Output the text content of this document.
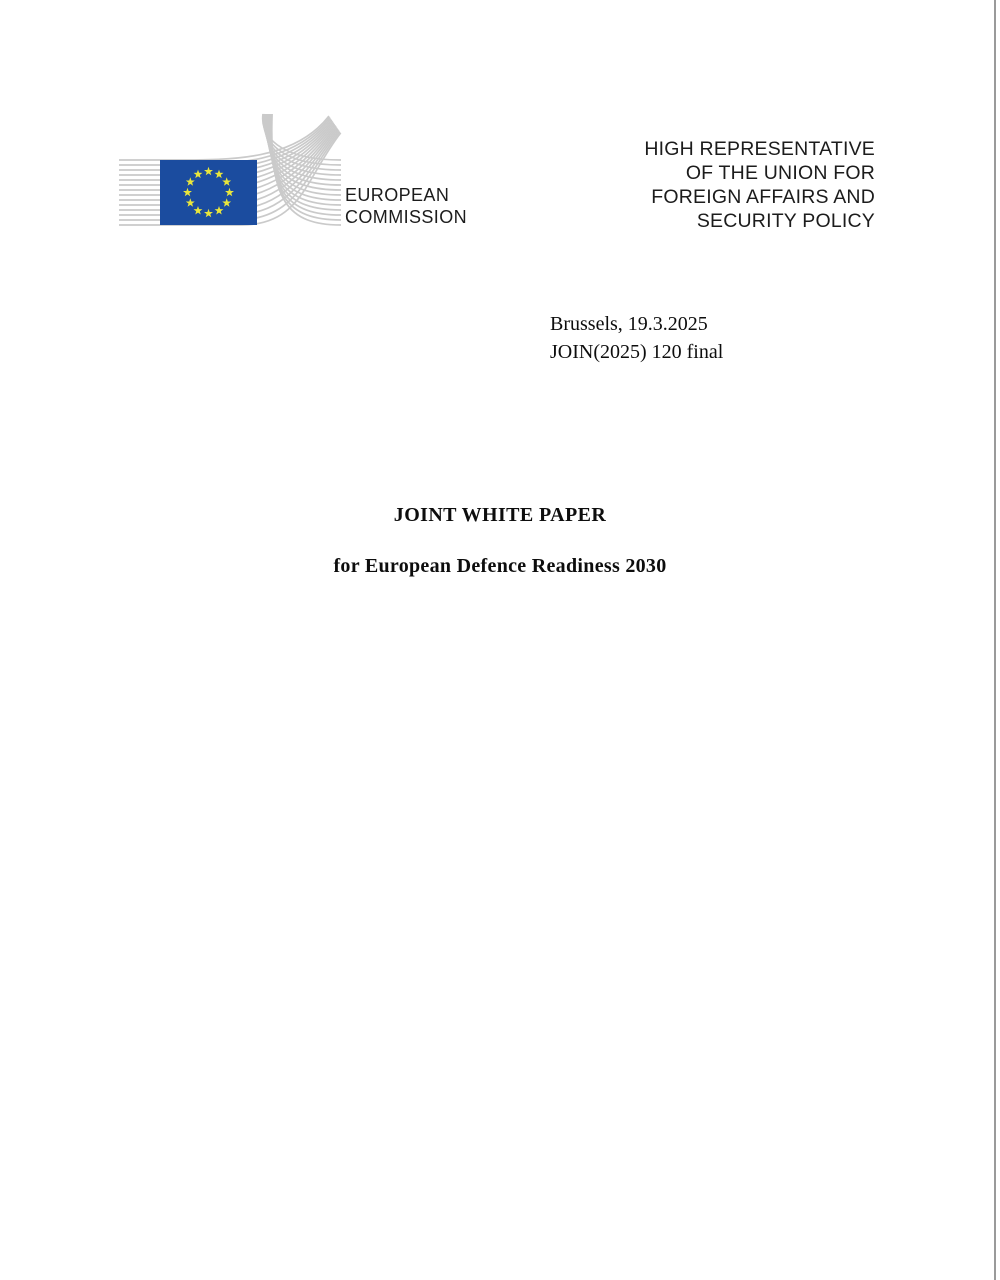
EUROPEAN
COMMISSION
HIGH REPRESENTATIVE
OF THE UNION FOR
FOREIGN AFFAIRS AND
SECURITY POLICY
Brussels, 19.3.2025
JOIN(2025) 120 final
JOINT WHITE PAPER
for European Defence Readiness 2030
